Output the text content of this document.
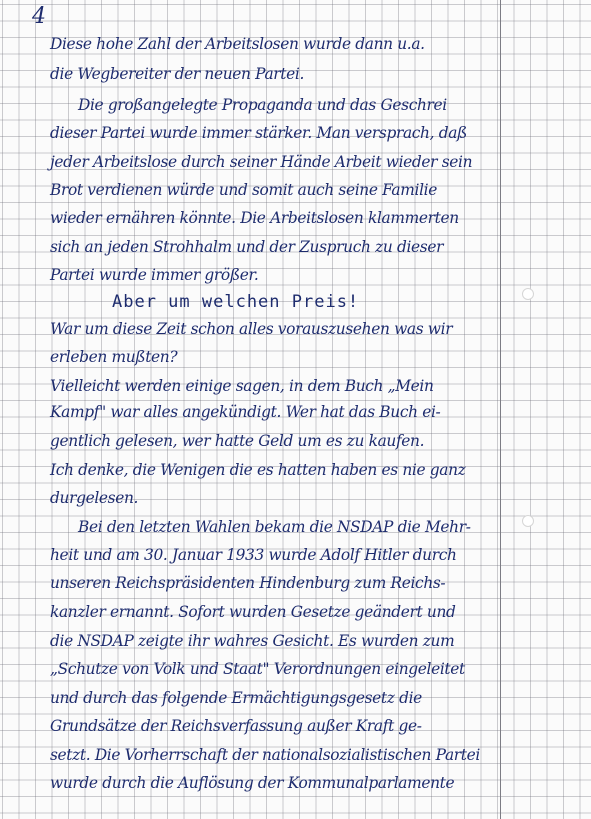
4
Diese hohe Zahl der Arbeitslosen wurde dann u.a.
die Wegbereiter der neuen Partei.
Die großangelegte Propaganda und das Geschrei
dieser Partei wurde immer stärker. Man versprach, daß
jeder Arbeitslose durch seiner Hände Arbeit wieder sein
Brot verdienen würde und somit auch seine Familie
wieder ernähren könnte. Die Arbeitslosen klammerten
sich an jeden Strohhalm und der Zuspruch zu dieser
Partei wurde immer größer.
Aber um welchen Preis!
War um diese Zeit schon alles vorauszusehen was wir
erleben mußten?
Vielleicht werden einige sagen, in dem Buch „Mein
Kampf" war alles angekündigt. Wer hat das Buch ei-
gentlich gelesen, wer hatte Geld um es zu kaufen.
Ich denke, die Wenigen die es hatten haben es nie ganz
durgelesen.
Bei den letzten Wahlen bekam die NSDAP die Mehr-
heit und am 30. Januar 1933 wurde Adolf Hitler durch
unseren Reichspräsidenten Hindenburg zum Reichs-
kanzler ernannt. Sofort wurden Gesetze geändert und
die NSDAP zeigte ihr wahres Gesicht. Es wurden zum
„Schutze von Volk und Staat" Verordnungen eingeleitet
und durch das folgende Ermächtigungsgesetz die
Grundsätze der Reichsverfassung außer Kraft ge-
setzt. Die Vorherrschaft der nationalsozialistischen Partei
wurde durch die Auflösung der Kommunalparlamente
